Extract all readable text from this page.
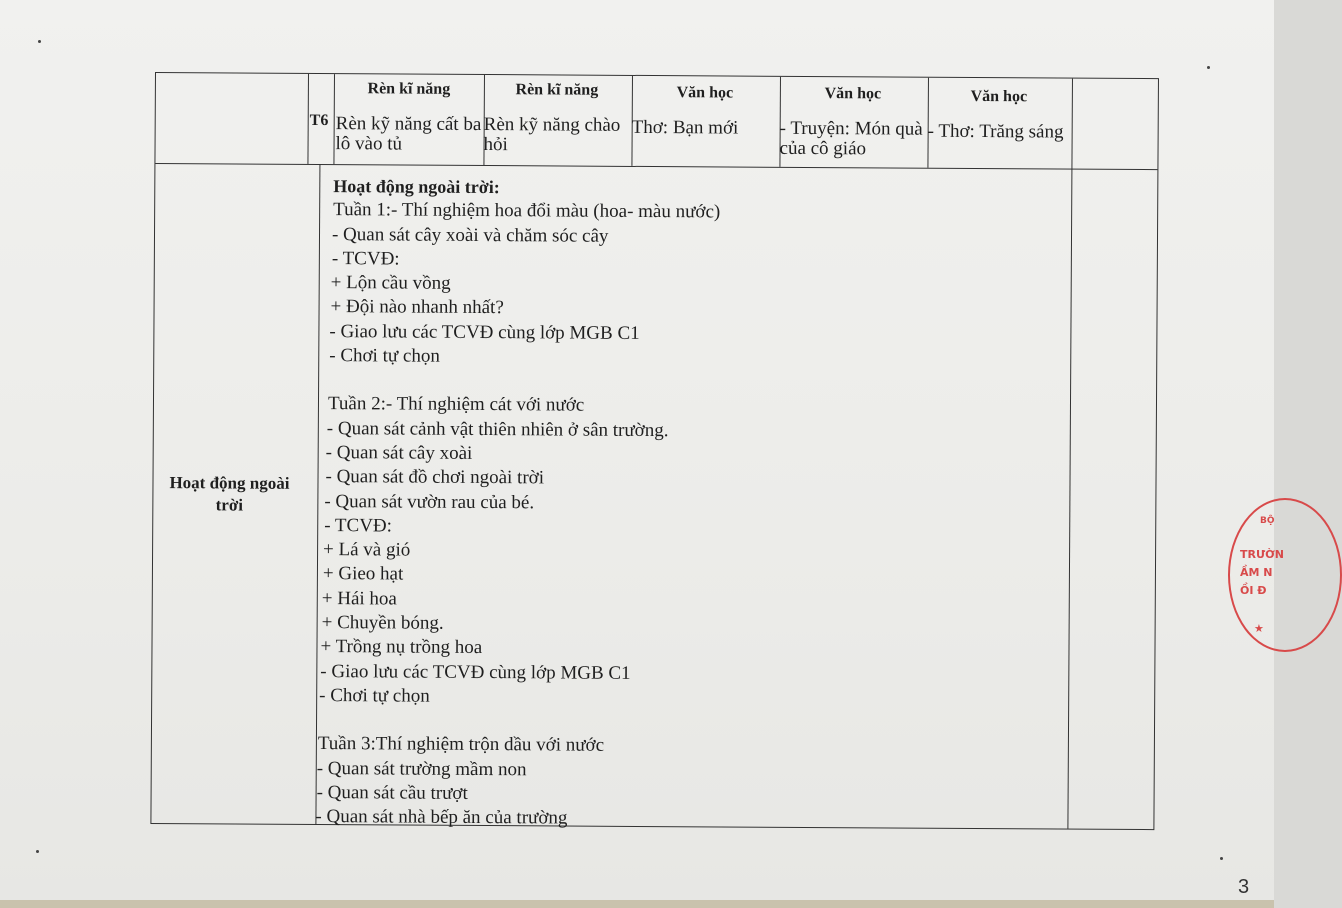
T6
Rèn kĩ năng
Rèn kỹ năng cất ba lô vào tủ
Rèn kĩ năng
Rèn kỹ năng chào hỏi
Văn học
Thơ: Bạn mới
Văn học
- Truyện: Món quà của cô giáo
Văn học
- Thơ: Trăng sáng
Hoạt động ngoài trời
Hoạt động ngoài trời:
Tuần 1:- Thí nghiệm hoa đổi màu (hoa- màu nước)
- Quan sát cây xoài và chăm sóc cây
- TCVĐ:
+ Lộn cầu vồng
+ Đội nào nhanh nhất?
- Giao lưu các TCVĐ cùng lớp MGB C1
- Chơi tự chọn
Tuần 2:- Thí nghiệm cát với nước
- Quan sát cảnh vật thiên nhiên ở sân trường.
- Quan sát cây xoài
- Quan sát đồ chơi ngoài trời
- Quan sát vườn rau của bé.
- TCVĐ:
+ Lá và gió
+ Gieo hạt
+ Hái hoa
+ Chuyền bóng.
+ Trồng nụ trồng hoa
- Giao lưu các TCVĐ cùng lớp MGB C1
- Chơi tự chọn
Tuần 3:Thí nghiệm trộn dầu với nước
- Quan sát trường mầm non
- Quan sát cầu trượt
- Quan sát nhà bếp ăn của trường
BỘ
TRƯỜN
ẦM N
ỒI Đ
★
3
